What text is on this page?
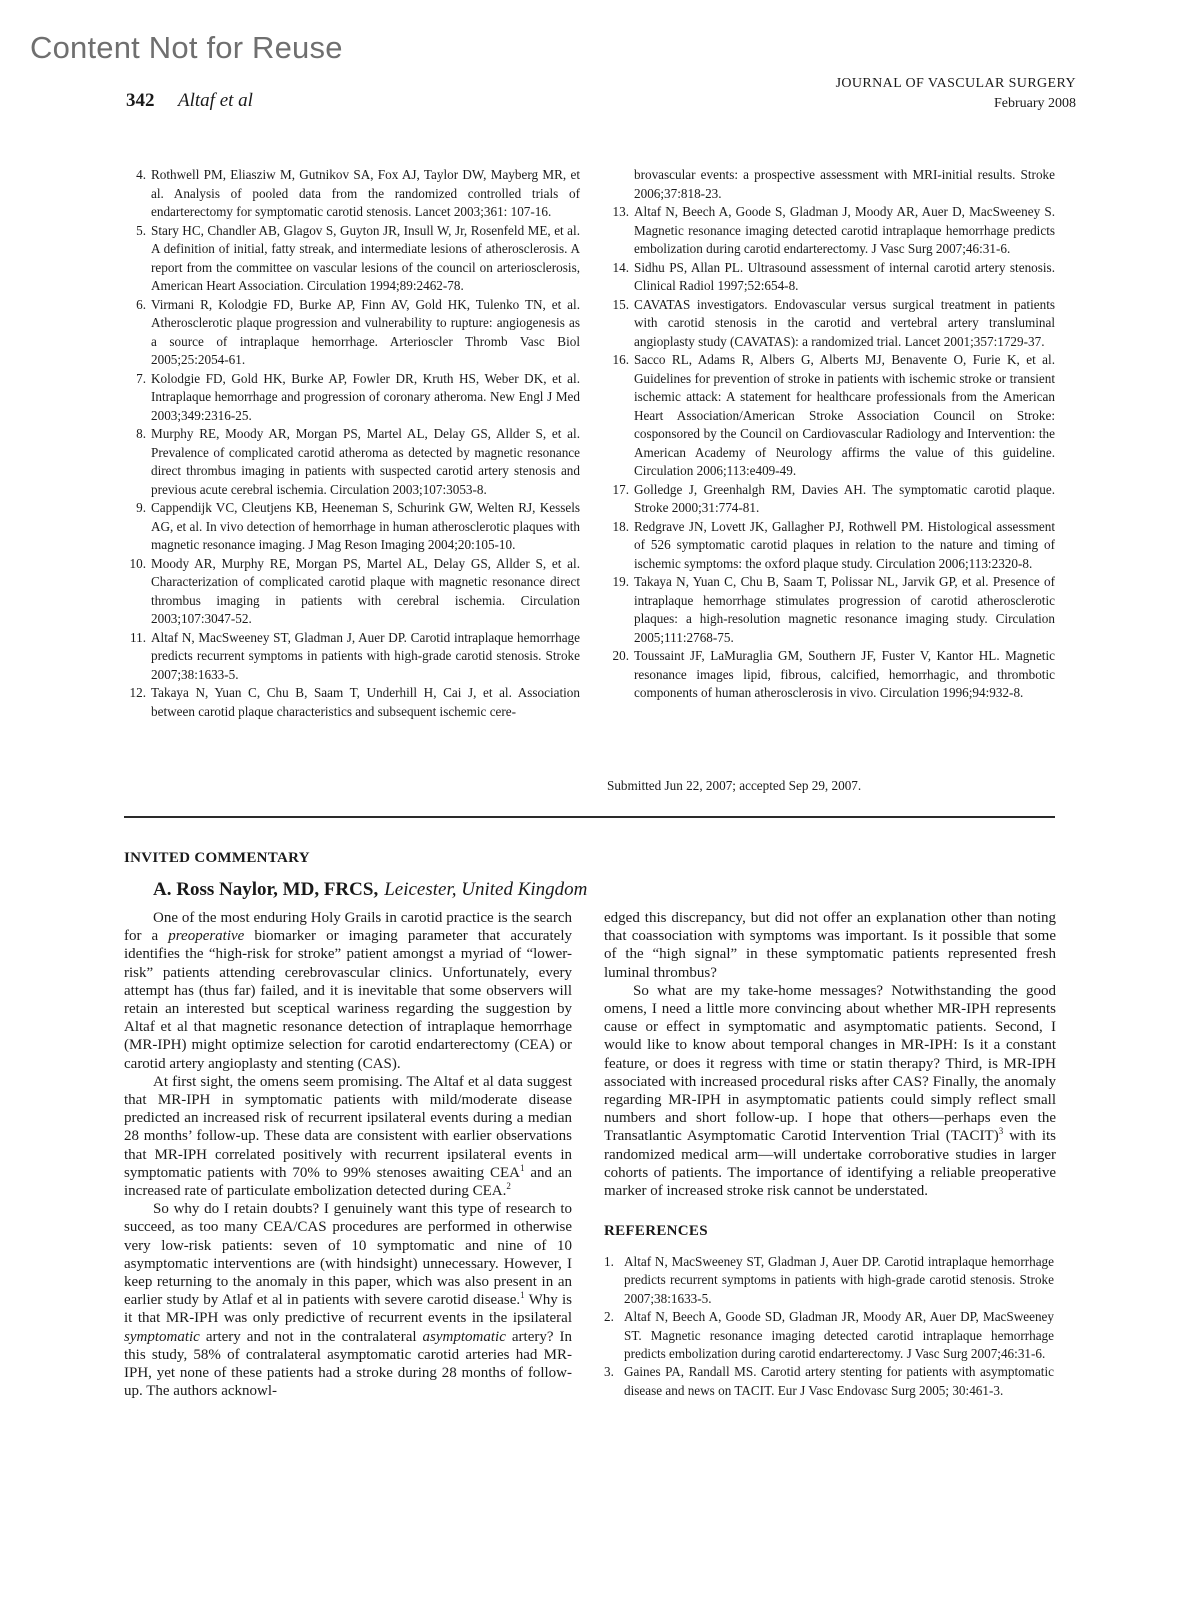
Content Not for Reuse
342 Altaf et al
JOURNAL OF VASCULAR SURGERY
February 2008
4. Rothwell PM, Eliasziw M, Gutnikov SA, Fox AJ, Taylor DW, Mayberg MR, et al. Analysis of pooled data from the randomized controlled trials of endarterectomy for symptomatic carotid stenosis. Lancet 2003;361: 107-16.
5. Stary HC, Chandler AB, Glagov S, Guyton JR, Insull W, Jr, Rosenfeld ME, et al. A definition of initial, fatty streak, and intermediate lesions of atherosclerosis. A report from the committee on vascular lesions of the council on arteriosclerosis, American Heart Association. Circulation 1994;89:2462-78.
6. Virmani R, Kolodgie FD, Burke AP, Finn AV, Gold HK, Tulenko TN, et al. Atherosclerotic plaque progression and vulnerability to rupture: angiogenesis as a source of intraplaque hemorrhage. Arterioscler Thromb Vasc Biol 2005;25:2054-61.
7. Kolodgie FD, Gold HK, Burke AP, Fowler DR, Kruth HS, Weber DK, et al. Intraplaque hemorrhage and progression of coronary atheroma. New Engl J Med 2003;349:2316-25.
8. Murphy RE, Moody AR, Morgan PS, Martel AL, Delay GS, Allder S, et al. Prevalence of complicated carotid atheroma as detected by magnetic resonance direct thrombus imaging in patients with suspected carotid artery stenosis and previous acute cerebral ischemia. Circulation 2003;107:3053-8.
9. Cappendijk VC, Cleutjens KB, Heeneman S, Schurink GW, Welten RJ, Kessels AG, et al. In vivo detection of hemorrhage in human atherosclerotic plaques with magnetic resonance imaging. J Mag Reson Imaging 2004;20:105-10.
10. Moody AR, Murphy RE, Morgan PS, Martel AL, Delay GS, Allder S, et al. Characterization of complicated carotid plaque with magnetic resonance direct thrombus imaging in patients with cerebral ischemia. Circulation 2003;107:3047-52.
11. Altaf N, MacSweeney ST, Gladman J, Auer DP. Carotid intraplaque hemorrhage predicts recurrent symptoms in patients with high-grade carotid stenosis. Stroke 2007;38:1633-5.
12. Takaya N, Yuan C, Chu B, Saam T, Underhill H, Cai J, et al. Association between carotid plaque characteristics and subsequent ischemic cere-
brovascular events: a prospective assessment with MRI-initial results. Stroke 2006;37:818-23.
13. Altaf N, Beech A, Goode S, Gladman J, Moody AR, Auer D, MacSweeney S. Magnetic resonance imaging detected carotid intraplaque hemorrhage predicts embolization during carotid endarterectomy. J Vasc Surg 2007;46:31-6.
14. Sidhu PS, Allan PL. Ultrasound assessment of internal carotid artery stenosis. Clinical Radiol 1997;52:654-8.
15. CAVATAS investigators. Endovascular versus surgical treatment in patients with carotid stenosis in the carotid and vertebral artery transluminal angioplasty study (CAVATAS): a randomized trial. Lancet 2001;357:1729-37.
16. Sacco RL, Adams R, Albers G, Alberts MJ, Benavente O, Furie K, et al. Guidelines for prevention of stroke in patients with ischemic stroke or transient ischemic attack: A statement for healthcare professionals from the American Heart Association/American Stroke Association Council on Stroke: cosponsored by the Council on Cardiovascular Radiology and Intervention: the American Academy of Neurology affirms the value of this guideline. Circulation 2006;113:e409-49.
17. Golledge J, Greenhalgh RM, Davies AH. The symptomatic carotid plaque. Stroke 2000;31:774-81.
18. Redgrave JN, Lovett JK, Gallagher PJ, Rothwell PM. Histological assessment of 526 symptomatic carotid plaques in relation to the nature and timing of ischemic symptoms: the oxford plaque study. Circulation 2006;113:2320-8.
19. Takaya N, Yuan C, Chu B, Saam T, Polissar NL, Jarvik GP, et al. Presence of intraplaque hemorrhage stimulates progression of carotid atherosclerotic plaques: a high-resolution magnetic resonance imaging study. Circulation 2005;111:2768-75.
20. Toussaint JF, LaMuraglia GM, Southern JF, Fuster V, Kantor HL. Magnetic resonance images lipid, fibrous, calcified, hemorrhagic, and thrombotic components of human atherosclerosis in vivo. Circulation 1996;94:932-8.
Submitted Jun 22, 2007; accepted Sep 29, 2007.
INVITED COMMENTARY
A. Ross Naylor, MD, FRCS, Leicester, United Kingdom

One of the most enduring Holy Grails in carotid practice is the search for a preoperative biomarker or imaging parameter that accurately identifies the “high-risk for stroke” patient amongst a myriad of “lower-risk” patients attending cerebrovascular clinics. Unfortunately, every attempt has (thus far) failed, and it is inevitable that some observers will retain an interested but sceptical wariness regarding the suggestion by Altaf et al that magnetic resonance detection of intraplaque hemorrhage (MR-IPH) might optimize selection for carotid endarterectomy (CEA) or carotid artery angioplasty and stenting (CAS).

At first sight, the omens seem promising. The Altaf et al data suggest that MR-IPH in symptomatic patients with mild/moderate disease predicted an increased risk of recurrent ipsilateral events during a median 28 months’ follow-up. These data are consistent with earlier observations that MR-IPH correlated positively with recurrent ipsilateral events in symptomatic patients with 70% to 99% stenoses awaiting CEA$^1$ and an increased rate of particulate embolization detected during CEA.$^2$

So why do I retain doubts? I genuinely want this type of research to succeed, as too many CEA/CAS procedures are performed in otherwise very low-risk patients: seven of 10 symptomatic and nine of 10 asymptomatic interventions are (with hindsight) unnecessary. However, I keep returning to the anomaly in this paper, which was also present in an earlier study by Atlaf et al in patients with severe carotid disease.$^1$ Why is it that MR-IPH was only predictive of recurrent events in the ipsilateral symptomatic artery and not in the contralateral asymptomatic artery? In this study, 58% of contralateral asymptomatic carotid arteries had MR-IPH, yet none of these patients had a stroke during 28 months of follow-up. The authors acknowl-

edged this discrepancy, but did not offer an explanation other than noting that coassociation with symptoms was important. Is it possible that some of the “high signal” in these symptomatic patients represented fresh luminal thrombus?

So what are my take-home messages? Notwithstanding the good omens, I need a little more convincing about whether MR-IPH represents cause or effect in symptomatic and asymptomatic patients. Second, I would like to know about temporal changes in MR-IPH: Is it a constant feature, or does it regress with time or statin therapy? Third, is MR-IPH associated with increased procedural risks after CAS? Finally, the anomaly regarding MR-IPH in asymptomatic patients could simply reflect small numbers and short follow-up. I hope that others—perhaps even the Transatlantic Asymptomatic Carotid Intervention Trial (TACIT)$^3$ with its randomized medical arm—will undertake corroborative studies in larger cohorts of patients. The importance of identifying a reliable preoperative marker of increased stroke risk cannot be understated.

REFERENCES
1. Altaf N, MacSweeney ST, Gladman J, Auer DP. Carotid intraplaque hemorrhage predicts recurrent symptoms in patients with high-grade carotid stenosis. Stroke 2007;38:1633-5.
2. Altaf N, Beech A, Goode SD, Gladman JR, Moody AR, Auer DP, MacSweeney ST. Magnetic resonance imaging detected carotid intraplaque hemorrhage predicts embolization during carotid endarterectomy. J Vasc Surg 2007;46:31-6.
3. Gaines PA, Randall MS. Carotid artery stenting for patients with asymptomatic disease and news on TACIT. Eur J Vasc Endovasc Surg 2005; 30:461-3.
